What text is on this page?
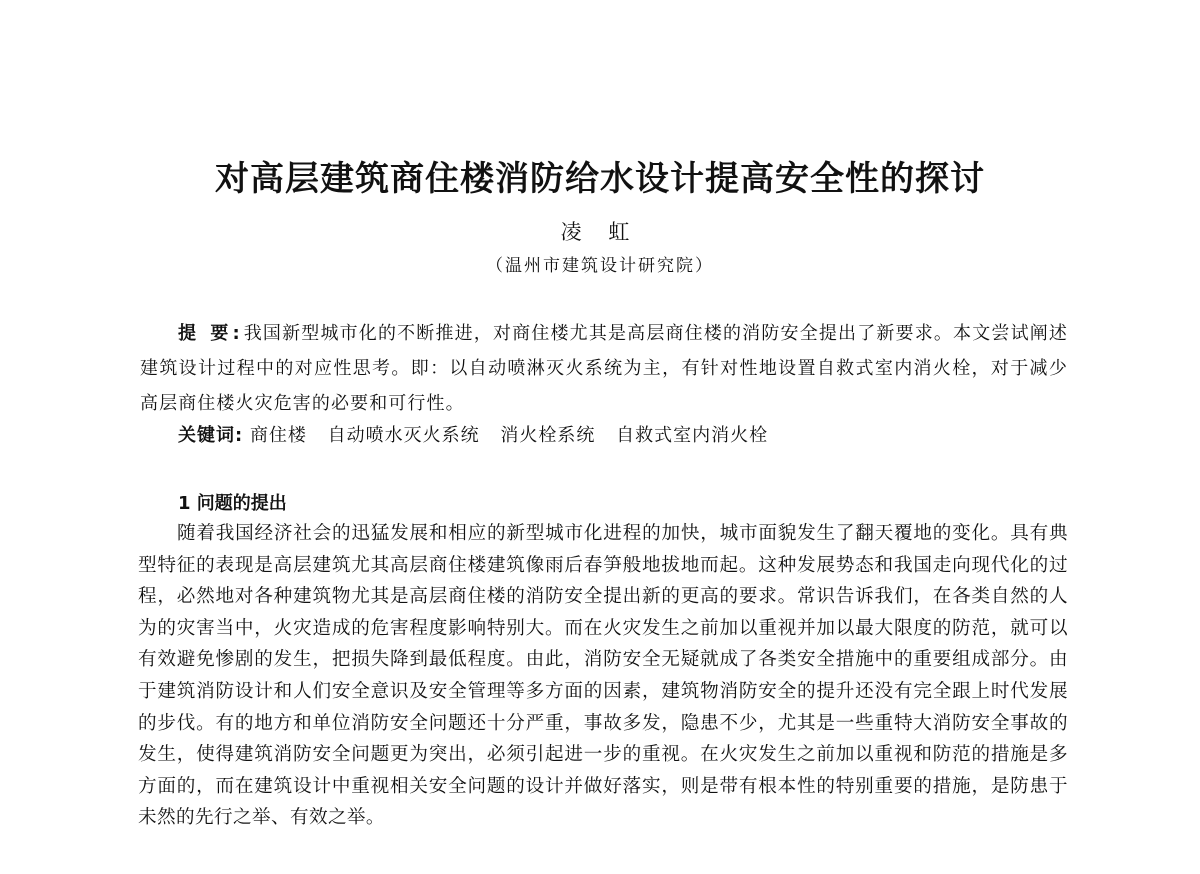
对高层建筑商住楼消防给水设计提高安全性的探讨
凌 虹
（温州市建筑设计研究院）
提 要:我国新型城市化的不断推进，对商住楼尤其是高层商住楼的消防安全提出了新要求。本文尝试阐述建筑设计过程中的对应性思考。即：以自动喷淋灭火系统为主，有针对性地设置自救式室内消火栓，对于减少高层商住楼火灾危害的必要和可行性。
关键词: 商住楼 自动喷水灭火系统 消火栓系统 自救式室内消火栓
1 问题的提出
随着我国经济社会的迅猛发展和相应的新型城市化进程的加快，城市面貌发生了翻天覆地的变化。具有典型特征的表现是高层建筑尤其高层商住楼建筑像雨后春笋般地拔地而起。这种发展势态和我国走向现代化的过程，必然地对各种建筑物尤其是高层商住楼的消防安全提出新的更高的要求。常识告诉我们，在各类自然的人为的灾害当中，火灾造成的危害程度影响特别大。而在火灾发生之前加以重视并加以最大限度的防范，就可以有效避免惨剧的发生，把损失降到最低程度。由此，消防安全无疑就成了各类安全措施中的重要组成部分。由于建筑消防设计和人们安全意识及安全管理等多方面的因素，建筑物消防安全的提升还没有完全跟上时代发展的步伐。有的地方和单位消防安全问题还十分严重，事故多发，隐患不少，尤其是一些重特大消防安全事故的发生，使得建筑消防安全问题更为突出，必须引起进一步的重视。在火灾发生之前加以重视和防范的措施是多方面的，而在建筑设计中重视相关安全问题的设计并做好落实，则是带有根本性的特别重要的措施，是防患于未然的先行之举、有效之举。
